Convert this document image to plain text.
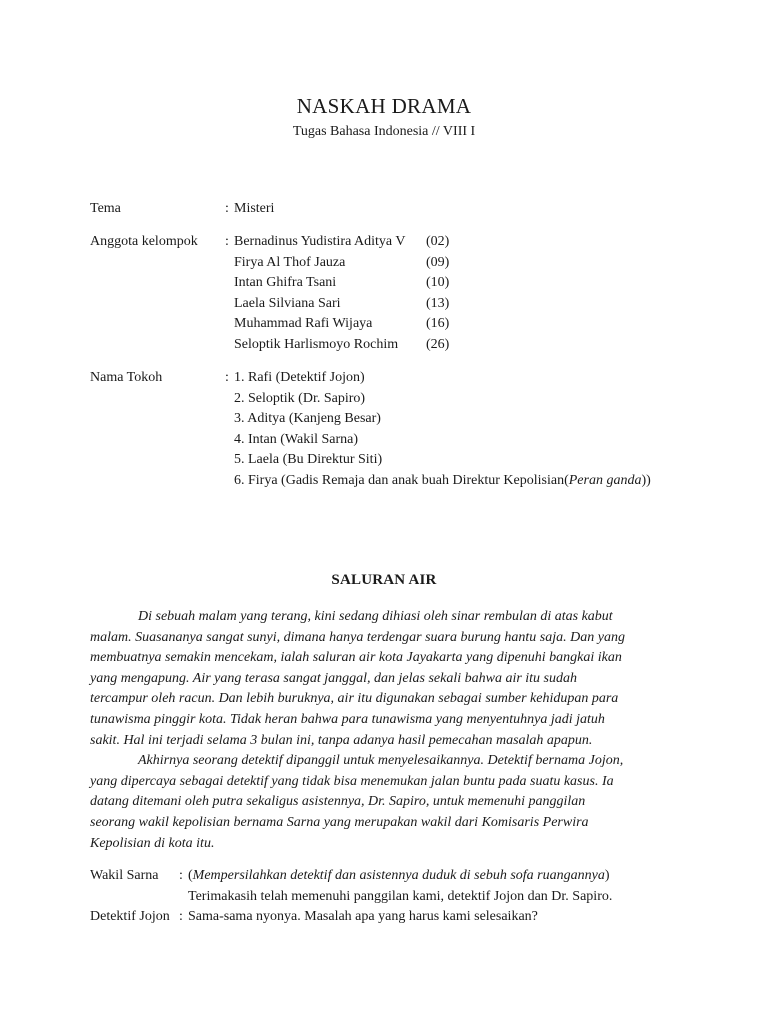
NASKAH DRAMA
Tugas Bahasa Indonesia // VIII I
Tema	: Misteri
Anggota kelompok : Bernadinus Yudistira Aditya V (02)
Firya Al Thof Jauza	(09)
Intan Ghifra Tsani	(10)
Laela Silviana Sari	(13)
Muhammad Rafi Wijaya	(16)
Seloptik Harlismoyo Rochim (26)
Nama Tokoh	: 1. Rafi (Detektif Jojon)
2. Seloptik (Dr. Sapiro)
3. Aditya (Kanjeng Besar)
4. Intan (Wakil Sarna)
5. Laela (Bu Direktur Siti)
6. Firya (Gadis Remaja dan anak buah Direktur Kepolisian(Peran ganda))
SALURAN AIR
Di sebuah malam yang terang, kini sedang dihiasi oleh sinar rembulan di atas kabut
malam. Suasananya sangat sunyi, dimana hanya terdengar suara burung hantu saja. Dan yang
membuatnya semakin mencekam, ialah saluran air kota Jayakarta yang dipenuhi bangkai ikan
yang mengapung. Air yang terasa sangat janggal, dan jelas sekali bahwa air itu sudah
tercampur oleh racun. Dan lebih buruknya, air itu digunakan sebagai sumber kehidupan para
tunawisma pinggir kota. Tidak heran bahwa para tunawisma yang menyentuhnya jadi jatuh
sakit. Hal ini terjadi selama 3 bulan ini, tanpa adanya hasil pemecahan masalah apapun.
Akhirnya seorang detektif dipanggil untuk menyelesaikannya. Detektif bernama Jojon,
yang dipercaya sebagai detektif yang tidak bisa menemukan jalan buntu pada suatu kasus. Ia
datang ditemani oleh putra sekaligus asistennya, Dr. Sapiro, untuk memenuhi panggilan
seorang wakil kepolisian bernama Sarna yang merupakan wakil dari Komisaris Perwira
Kepolisian di kota itu.
Wakil Sarna : (Mempersilahkan detektif dan asistennya duduk di sebuh sofa ruangannya)
Terimakasih telah memenuhi panggilan kami, detektif Jojon dan Dr. Sapiro.
Detektif Jojon : Sama-sama nyonya. Masalah apa yang harus kami selesaikan?
